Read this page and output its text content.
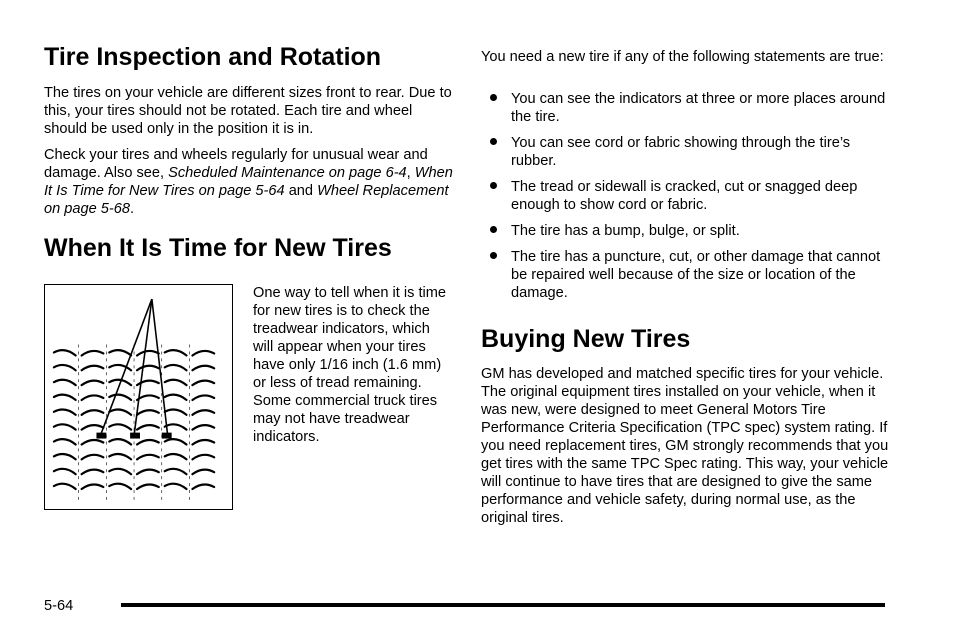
Tire Inspection and Rotation

The tires on your vehicle are different sizes front to rear. Due to this, your tires should not be rotated. Each tire and wheel should be used only in the position it is in.

Check your tires and wheels regularly for unusual wear and damage. Also see, Scheduled Maintenance on page 6-4, When It Is Time for New Tires on page 5-64 and Wheel Replacement on page 5-68.

When It Is Time for New Tires

One way to tell when it is time for new tires is to check the treadwear indicators, which will appear when your tires have only 1/16 inch (1.6 mm) or less of tread remaining. Some commercial truck tires may not have treadwear indicators.

You need a new tire if any of the following statements are true:

You can see the indicators at three or more places around the tire.
You can see cord or fabric showing through the tire’s rubber.
The tread or sidewall is cracked, cut or snagged deep enough to show cord or fabric.
The tire has a bump, bulge, or split.
The tire has a puncture, cut, or other damage that cannot be repaired well because of the size or location of the damage.
Buying New Tires

GM has developed and matched specific tires for your vehicle. The original equipment tires installed on your vehicle, when it was new, were designed to meet General Motors Tire Performance Criteria Specification (TPC spec) system rating. If you need replacement tires, GM strongly recommends that you get tires with the same TPC Spec rating. This way, your vehicle will continue to have tires that are designed to give the same performance and vehicle safety, during normal use, as the original tires.

5-64
